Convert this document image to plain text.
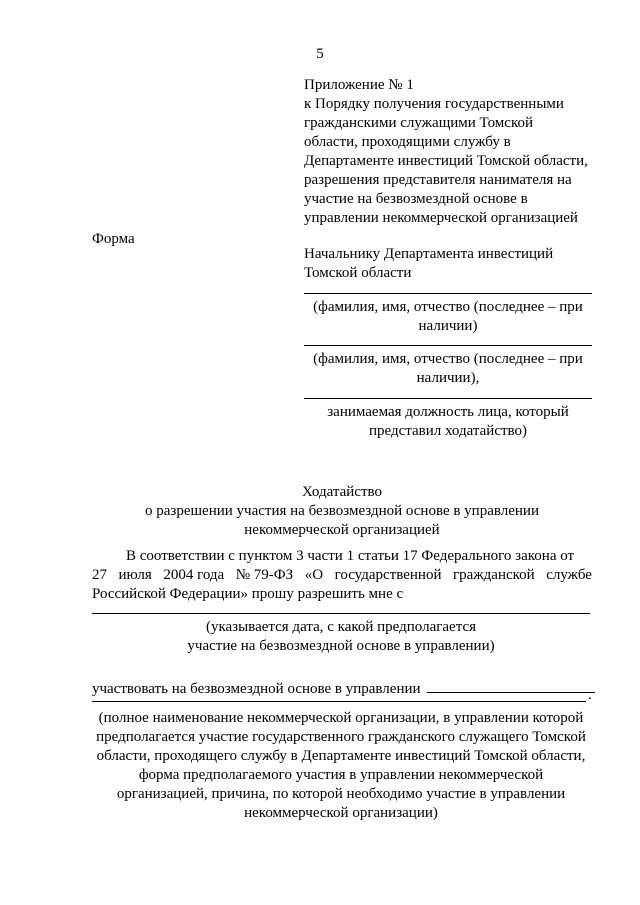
5
Приложение № 1
к Порядку получения государственными
гражданскими служащими Томской
области, проходящими службу в
Департаменте инвестиций Томской области,
разрешения представителя нанимателя на
участие на безвозмездной основе в
управлении некоммерческой организацией
Форма
Начальнику Департамента инвестиций
Томской области
(фамилия, имя, отчество (последнее – при
наличии)
(фамилия, имя, отчество (последнее – при
наличии),
занимаемая должность лица, который
представил ходатайство)
Ходатайство
о разрешении участия на безвозмездной основе в управлении
некоммерческой организацией
В соответствии с пунктом 3 части 1 статьи 17 Федерального закона от
27 июля 2004 года № 79-ФЗ «О государственной гражданской службе
Российской Федерации» прошу разрешить мне с
(указывается дата, с какой предполагается
участие на безвозмездной основе в управлении)
участвовать на безвозмездной основе в управлении	.
(полное наименование некоммерческой организации, в управлении которой
предполагается участие государственного гражданского служащего Томской
области, проходящего службу в Департаменте инвестиций Томской области,
форма предполагаемого участия в управлении некоммерческой
организацией, причина, по которой необходимо участие в управлении
некоммерческой организации)
